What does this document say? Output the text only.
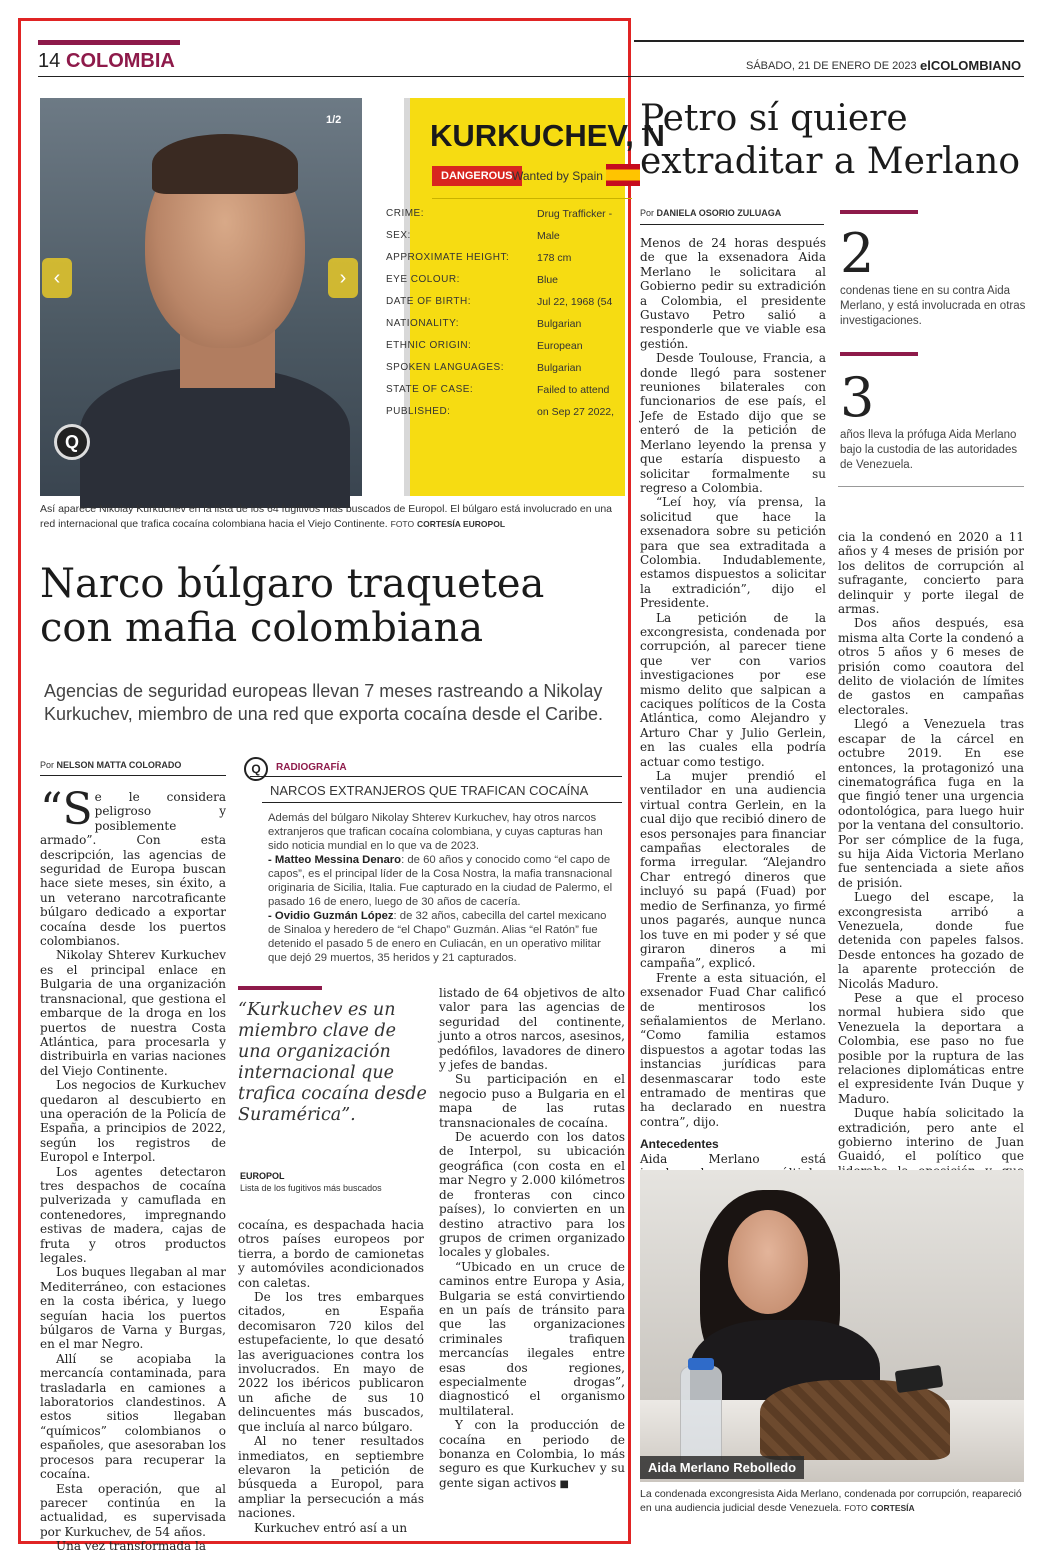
14 COLOMBIA	SÁBADO, 21 DE ENERO DE 2023 elCOLOMBIANO
1/2
‹	›
Q
KURKUCHEV, N
DANGEROUS Wanted by Spain
CRIME:	Drug Trafficker -
SEX:	Male
APPROXIMATE HEIGHT:	178 cm
EYE COLOUR:	Blue
DATE OF BIRTH:	Jul 22, 1968 (54
NATIONALITY:	Bulgarian
ETHNIC ORIGIN:	European
SPOKEN LANGUAGES:	Bulgarian
STATE OF CASE:	Failed to attend
PUBLISHED:	on Sep 27 2022,
Así aparece Nikolay Kurkuchev en la lista de los 64 fugitivos más buscados de Europol. El búlgaro está involucrado en una red internacional que trafica cocaína colombiana hacia el Viejo Continente. FOTO CORTESÍA EUROPOL
Narco búlgaro traquetea con mafia colombiana
Agencias de seguridad europeas llevan 7 meses rastreando a Nikolay Kurkuchev, miembro de una red que exporta cocaína desde el Caribe.
Por NELSON MATTA COLORADO

“Se le considera peligroso y posiblemente armado”. Con esta descripción, las agencias de seguridad de Europa buscan hace siete meses, sin éxito, a un veterano narcotraficante búlgaro dedicado a exportar cocaína desde los puertos colombianos.

Nikolay Shterev Kurkuchev es el principal enlace en Bulgaria de una organización transnacional, que gestiona el embarque de la droga en los puertos de nuestra Costa Atlántica, para procesarla y distribuirla en varias naciones del Viejo Continente.

Los negocios de Kurkuchev quedaron al descubierto en una operación de la Policía de España, a principios de 2022, según los registros de Europol e Interpol.

Los agentes detectaron tres despachos de cocaína pulverizada y camuflada en contenedores, impregnando estivas de madera, cajas de fruta y otros productos legales.

Los buques llegaban al mar Mediterráneo, con estaciones en la costa ibérica, y luego seguían hacia los puertos búlgaros de Varna y Burgas, en el mar Negro.

Allí se acopiaba la mercancía contaminada, para trasladarla en camiones a laboratorios clandestinos. A estos sitios llegaban “químicos” colombianos o españoles, que asesoraban los procesos para recuperar la cocaína.

Esta operación, que al parecer continúa en la actualidad, es supervisada por Kurkuchev, de 54 años.

Una vez transformada la

Q	RADIOGRAFÍA
NARCOS EXTRANJEROS QUE TRAFICAN COCAÍNA
Además del búlgaro Nikolay Shterev Kurkuchev, hay otros narcos extranjeros que trafican cocaína colombiana, y cuyas capturas han sido noticia mundial en lo que va de 2023.
- Matteo Messina Denaro: de 60 años y conocido como “el capo de capos”, es el principal líder de la Cosa Nostra, la mafia transnacional originaria de Sicilia, Italia. Fue capturado en la ciudad de Palermo, el pasado 16 de enero, luego de 30 años de cacería.
- Ovidio Guzmán López: de 32 años, cabecilla del cartel mexicano de Sinaloa y heredero de “el Chapo” Guzmán. Alias “el Ratón” fue detenido el pasado 5 de enero en Culiacán, en un operativo militar que dejó 29 muertos, 35 heridos y 21 capturados.
“Kurkuchev es un miembro clave de una organización internacional que trafica cocaína desde Suramérica”.
EUROPOL
Lista de los fugitivos más buscados

cocaína, es despachada hacia otros países europeos por tierra, a bordo de camionetas y automóviles acondicionados con caletas.

De los tres embarques citados, en España decomisaron 720 kilos del estupefaciente, lo que desató las averiguaciones contra los involucrados. En mayo de 2022 los ibéricos publicaron un afiche de sus 10 delincuentes más buscados, que incluía al narco búlgaro.

Al no tener resultados inmediatos, en septiembre elevaron la petición de búsqueda a Europol, para ampliar la persecución a más naciones.

Kurkuchev entró así a un

listado de 64 objetivos de alto valor para las agencias de seguridad del continente, junto a otros narcos, asesinos, pedófilos, lavadores de dinero y jefes de bandas.

Su participación en el negocio puso a Bulgaria en el mapa de las rutas transnacionales de cocaína.

De acuerdo con los datos de Interpol, su ubicación geográfica (con costa en el mar Negro y 2.000 kilómetros de fronteras con cinco países), lo convierten en un destino atractivo para los grupos de crimen organizado locales y globales.

“Ubicado en un cruce de caminos entre Europa y Asia, Bulgaria se está convirtiendo en un país de tránsito para que las organizaciones criminales trafiquen mercancías ilegales entre esas dos regiones, especialmente drogas”, diagnosticó el organismo multilateral.

Y con la producción de cocaína en periodo de bonanza en Colombia, lo más seguro es que Kurkuchev y su gente sigan activos ■

Petro sí quiere extraditar a Merlano
Por DANIELA OSORIO ZULUAGA

Menos de 24 horas después de que la exsenadora Aida Merlano le solicitara al Gobierno pedir su extradición a Colombia, el presidente Gustavo Petro salió a responderle que ve viable esa gestión.

Desde Toulouse, Francia, a donde llegó para sostener reuniones bilaterales con funcionarios de ese país, el Jefe de Estado dijo que se enteró de la petición de Merlano leyendo la prensa y que estaría dispuesto a solicitar formalmente su regreso a Colombia.

“Leí hoy, vía prensa, la solicitud que hace la exsenadora sobre su petición para que sea extraditada a Colombia. Indudablemente, estamos dispuestos a solicitar la extradición”, dijo el Presidente.

La petición de la excongresista, condenada por corrupción, al parecer tiene que ver con varios investigaciones por ese mismo delito que salpican a caciques políticos de la Costa Atlántica, como Alejandro y Arturo Char y Julio Gerlein, en las cuales ella podría actuar como testigo.

La mujer prendió el ventilador en una audiencia virtual contra Gerlein, en la cual dijo que recibió dinero de esos personajes para financiar campañas electorales de forma irregular. “Alejandro Char entregó dineros que incluyó su papá (Fuad) por medio de Serfinanza, yo firmé unos pagarés, aunque nunca los tuve en mi poder y sé que giraron dineros a mi campaña”, explicó.

Frente a esta situación, el exsenador Fuad Char calificó de mentirosos los señalamientos de Merlano. “Como familia estamos dispuestos a agotar todas las instancias jurídicas para desenmascarar todo este entramado de mentiras que ha declarado en nuestra contra”, dijo.

Antecedentes

Aida Merlano está

2
condenas tiene en su contra Aida Merlano, y está involucrada en otras investigaciones.
3
años lleva la prófuga Aida Merlano bajo la custodia de las autoridades de Venezuela.

cia la condenó en 2020 a 11 años y 4 meses de prisión por los delitos de corrupción al sufragante, concierto para delinquir y porte ilegal de armas.

Dos años después, esa misma alta Corte la condenó a otros 5 años y 6 meses de prisión como coautora del delito de violación de límites de gastos en campañas electorales.

Llegó a Venezuela tras escapar de la cárcel en octubre 2019. En ese entonces, la protagonizó una cinematográfica fuga en la que fingió tener una urgencia odontológica, para luego huir por la ventana del consultorio. Por ser cómplice de la fuga, su hija Aida Victoria Merlano fue sentenciada a siete años de prisión.

Luego del escape, la excongresista arribó a Venezuela, donde fue detenida con papeles falsos. Desde entonces ha gozado de la aparente protección de Nicolás Maduro.

Pese a que el proceso normal hubiera sido que Venezuela la deportara a Colombia, ese paso no fue posible por la ruptura de las relaciones diplomáticas entre el expresidente Iván Duque y Maduro.

Duque había solicitado la extradición, pero ante el gobierno interino de Juan Guaidó, el político que ■

Aida Merlano Rebolledo
La condenada excongresista Aida Merlano, condenada por corrupción, reapareció en una audiencia judicial desde Venezuela. FOTO CORTESÍA
